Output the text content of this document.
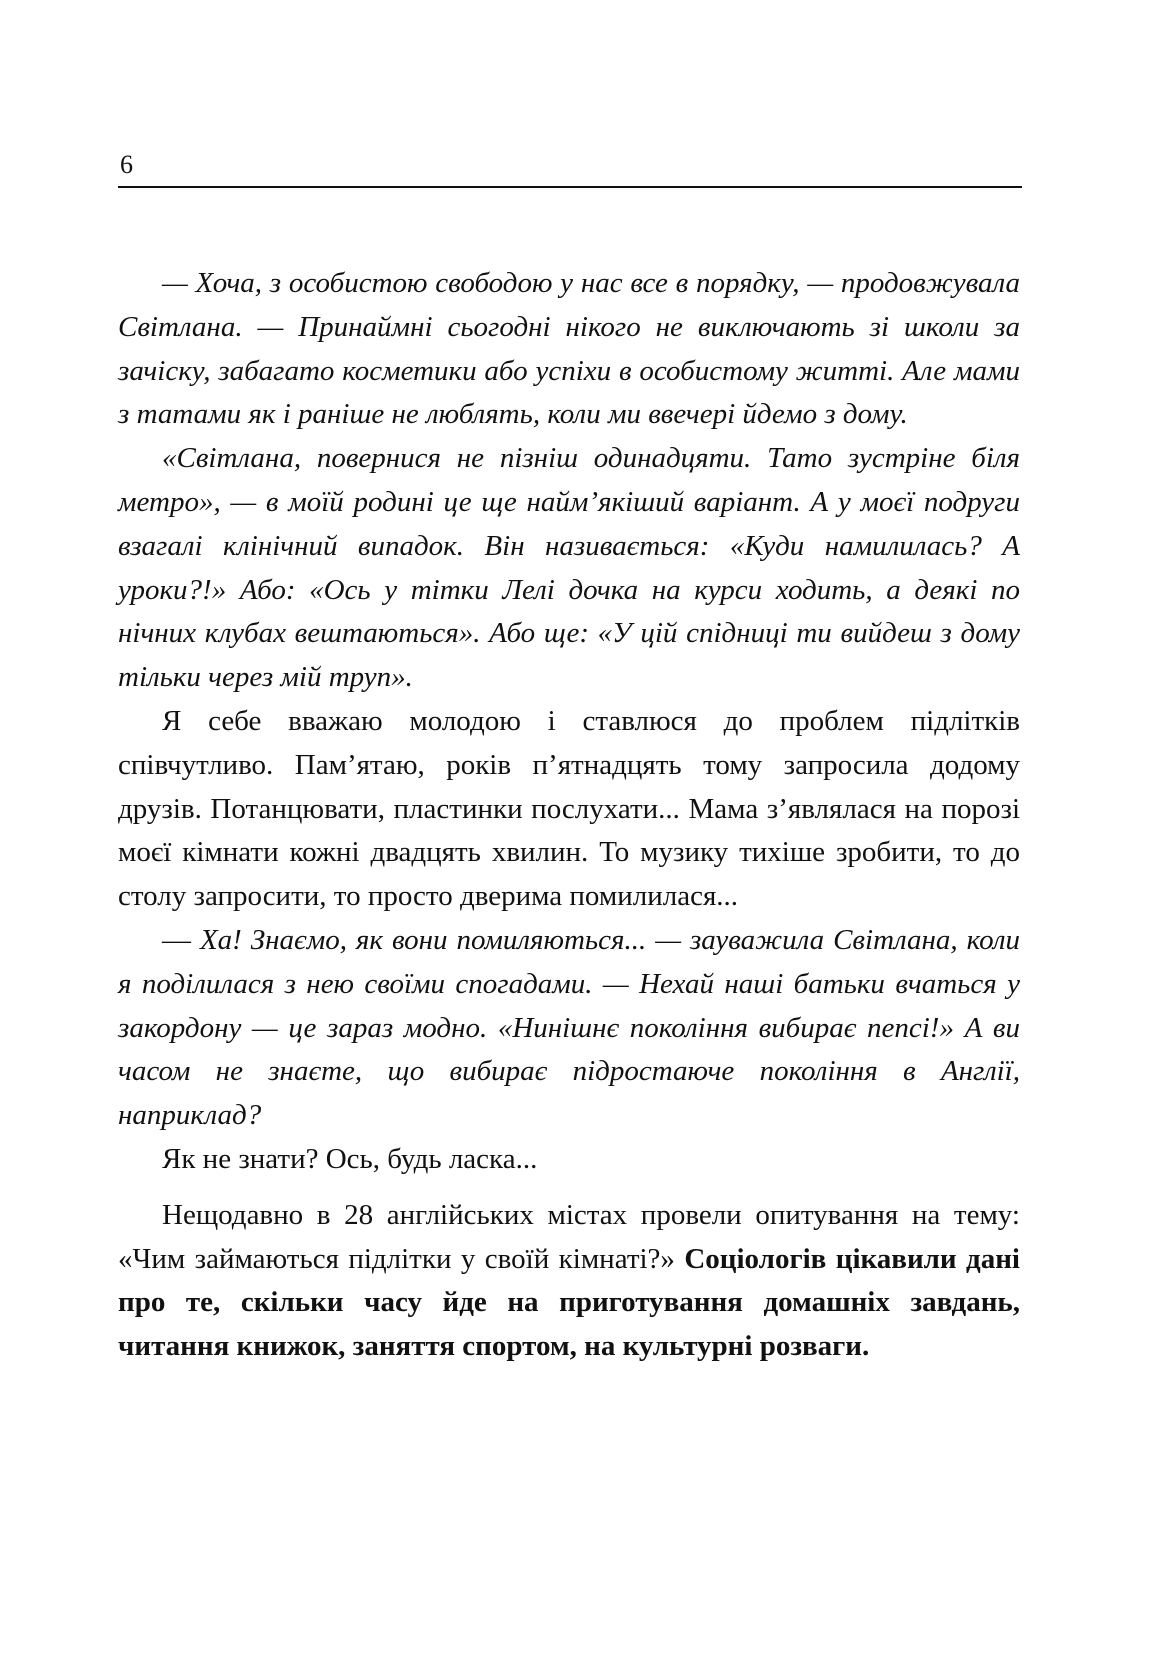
6

— Хоча, з особистою свободою у нас все в порядку, — продовжувала Світлана. — Принаймні сьогодні нікого не виключають зі школи за зачіску, забагато косметики або успіхи в особистому житті. Але мами з татами як і раніше не люблять, коли ми ввечері йдемо з дому.

«Світлана, повернися не пізніш одинадцяти. Тато зустріне біля метро», — в моїй родині це ще найм’якіший варіант. А у моєї подруги взагалі клінічний випадок. Він називається: «Куди намилилась? А уроки?!» Або: «Ось у тітки Лелі дочка на курси ходить, а деякі по нічних клубах вештаються». Або ще: «У цій спідниці ти вийдеш з дому тільки через мій труп».

Я себе вважаю молодою і ставлюся до проблем підлітків співчутливо. Пам’ятаю, років п’ятнадцять тому запросила додому друзів. Потанцювати, пластинки послухати... Мама з’являлася на порозі моєї кімнати кожні двадцять хвилин. То музику тихіше зробити, то до столу запросити, то просто дверима помилилася...

— Ха! Знаємо, як вони помиляються... — зауважила Світлана, коли я поділилася з нею своїми спогадами. — Нехай наші батьки вчаться у закордону — це зараз модно. «Нинішнє покоління вибирає пепсі!» А ви часом не знаєте, що вибирає підростаюче покоління в Англії, наприклад?

Як не знати? Ось, будь ласка...

Нещодавно в 28 англійських містах провели опитування на тему: «Чим займаються підлітки у своїй кімнаті?» Соціологів цікавили дані про те, скільки часу йде на приготування домашніх завдань, читання книжок, заняття спортом, на культурні розваги.
